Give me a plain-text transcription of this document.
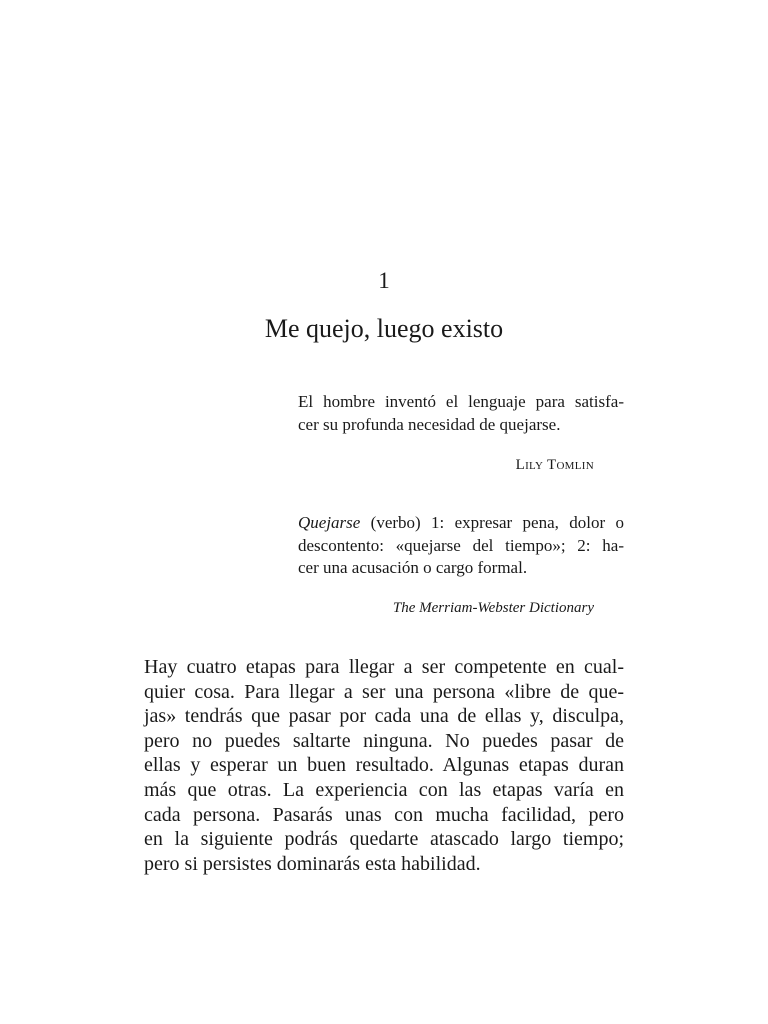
1
Me quejo, luego existo
El hombre inventó el lenguaje para satisfa-
cer su profunda necesidad de quejarse.
Lily Tomlin
Quejarse (verbo) 1: expresar pena, dolor o
descontento: «quejarse del tiempo»; 2: ha-
cer una acusación o cargo formal.
The Merriam-Webster Dictionary
Hay cuatro etapas para llegar a ser competente en cual-
quier cosa. Para llegar a ser una persona «libre de que-
jas» tendrás que pasar por cada una de ellas y, disculpa,
pero no puedes saltarte ninguna. No puedes pasar de
ellas y esperar un buen resultado. Algunas etapas duran
más que otras. La experiencia con las etapas varía en
cada persona. Pasarás unas con mucha facilidad, pero
en la siguiente podrás quedarte atascado largo tiempo;
pero si persistes dominarás esta habilidad.
